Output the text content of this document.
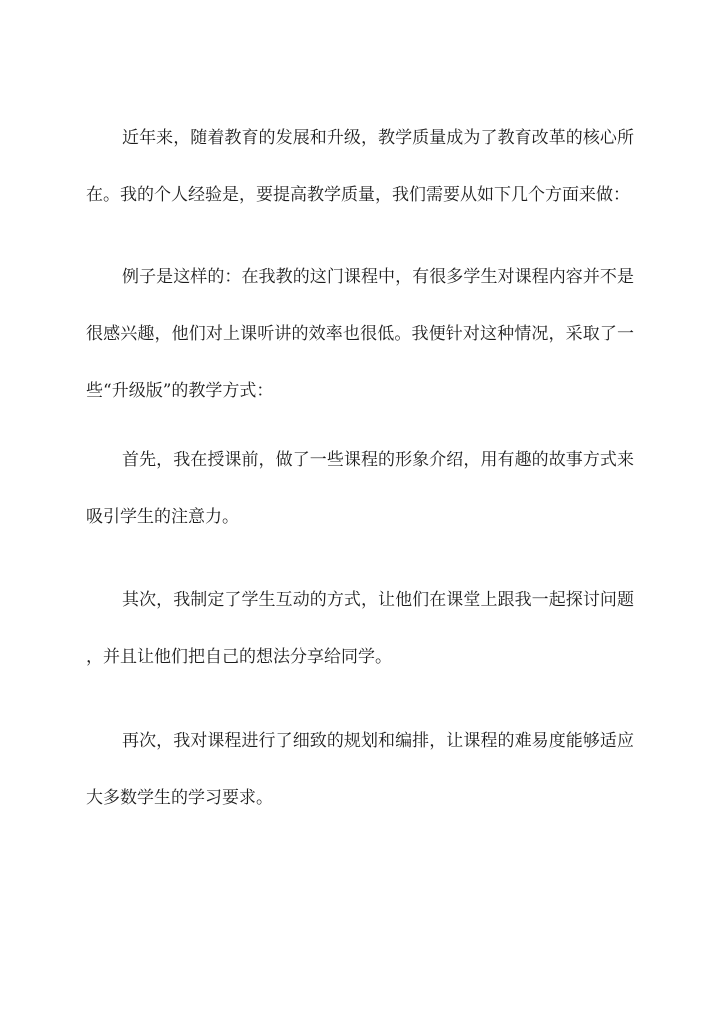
近年来，随着教育的发展和升级，教学质量成为了教育改革的核心所
在。我的个人经验是，要提高教学质量，我们需要从如下几个方面来做：

例子是这样的：在我教的这门课程中，有很多学生对课程内容并不是
很感兴趣，他们对上课听讲的效率也很低。我便针对这种情况，采取了一
些“升级版”的教学方式：

首先，我在授课前，做了一些课程的形象介绍，用有趣的故事方式来
吸引学生的注意力。

其次，我制定了学生互动的方式，让他们在课堂上跟我一起探讨问题
，并且让他们把自己的想法分享给同学。

再次，我对课程进行了细致的规划和编排，让课程的难易度能够适应
大多数学生的学习要求。
